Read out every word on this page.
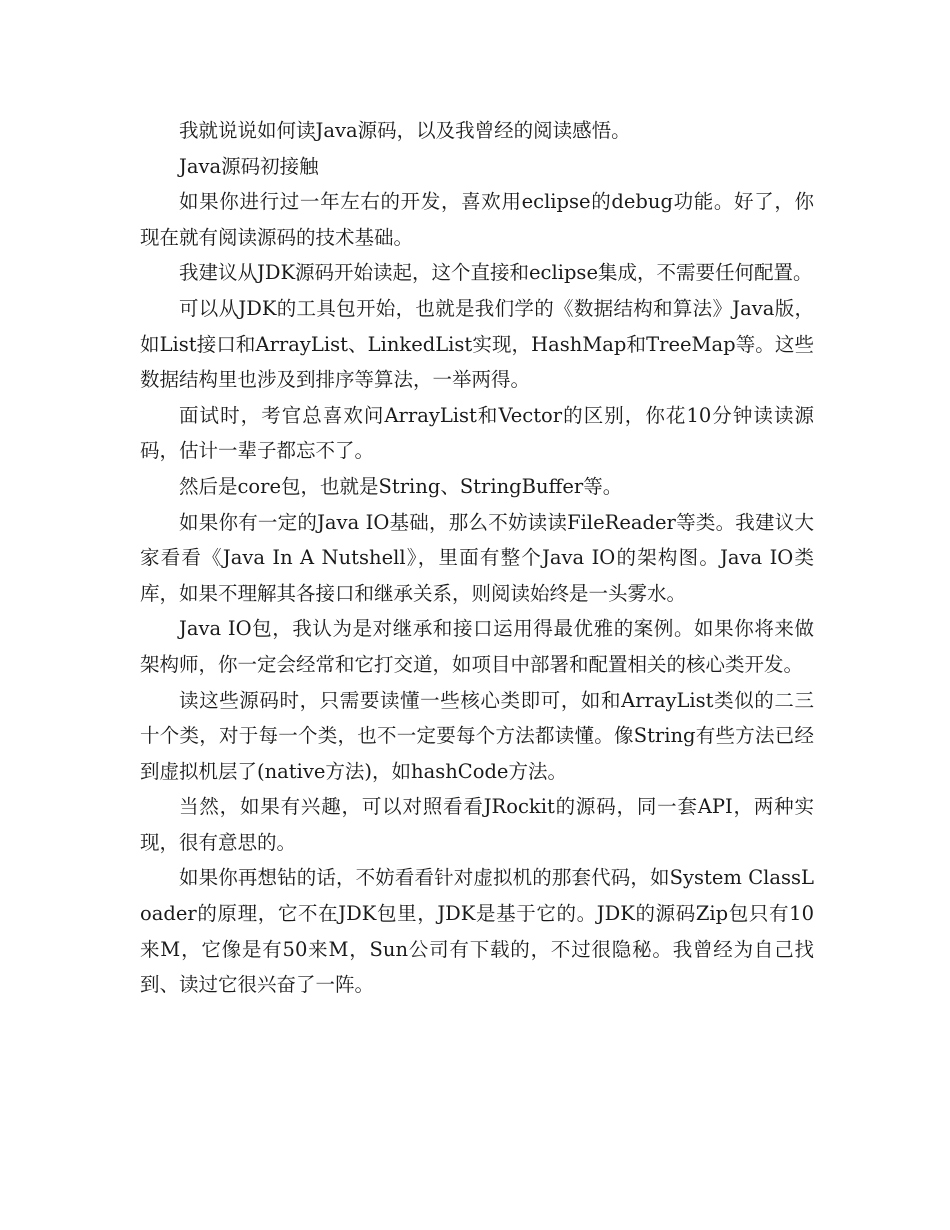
我就说说如何读Java源码，以及我曾经的阅读感悟。

Java源码初接触

如果你进行过一年左右的开发，喜欢用eclipse的debug功能。好了，你现在就有阅读源码的技术基础。

我建议从JDK源码开始读起，这个直接和eclipse集成，不需要任何配置。

可以从JDK的工具包开始，也就是我们学的《数据结构和算法》Java版，如List接口和ArrayList、LinkedList实现，HashMap和TreeMap等。这些数据结构里也涉及到排序等算法，一举两得。

面试时，考官总喜欢问ArrayList和Vector的区别，你花10分钟读读源码，估计一辈子都忘不了。

然后是core包，也就是String、StringBuffer等。

如果你有一定的Java IO基础，那么不妨读读FileReader等类。我建议大家看看《Java In A Nutshell》，里面有整个Java IO的架构图。Java IO类库，如果不理解其各接口和继承关系，则阅读始终是一头雾水。

Java IO包，我认为是对继承和接口运用得最优雅的案例。如果你将来做架构师，你一定会经常和它打交道，如项目中部署和配置相关的核心类开发。

读这些源码时，只需要读懂一些核心类即可，如和ArrayList类似的二三十个类，对于每一个类，也不一定要每个方法都读懂。像String有些方法已经到虚拟机层了(native方法)，如hashCode方法。

当然，如果有兴趣，可以对照看看JRockit的源码，同一套API，两种实现，很有意思的。

如果你再想钻的话，不妨看看针对虚拟机的那套代码，如System ClassLoader的原理，它不在JDK包里，JDK是基于它的。JDK的源码Zip包只有10来M，它像是有50来M，Sun公司有下载的，不过很隐秘。我曾经为自己找到、读过它很兴奋了一阵。
